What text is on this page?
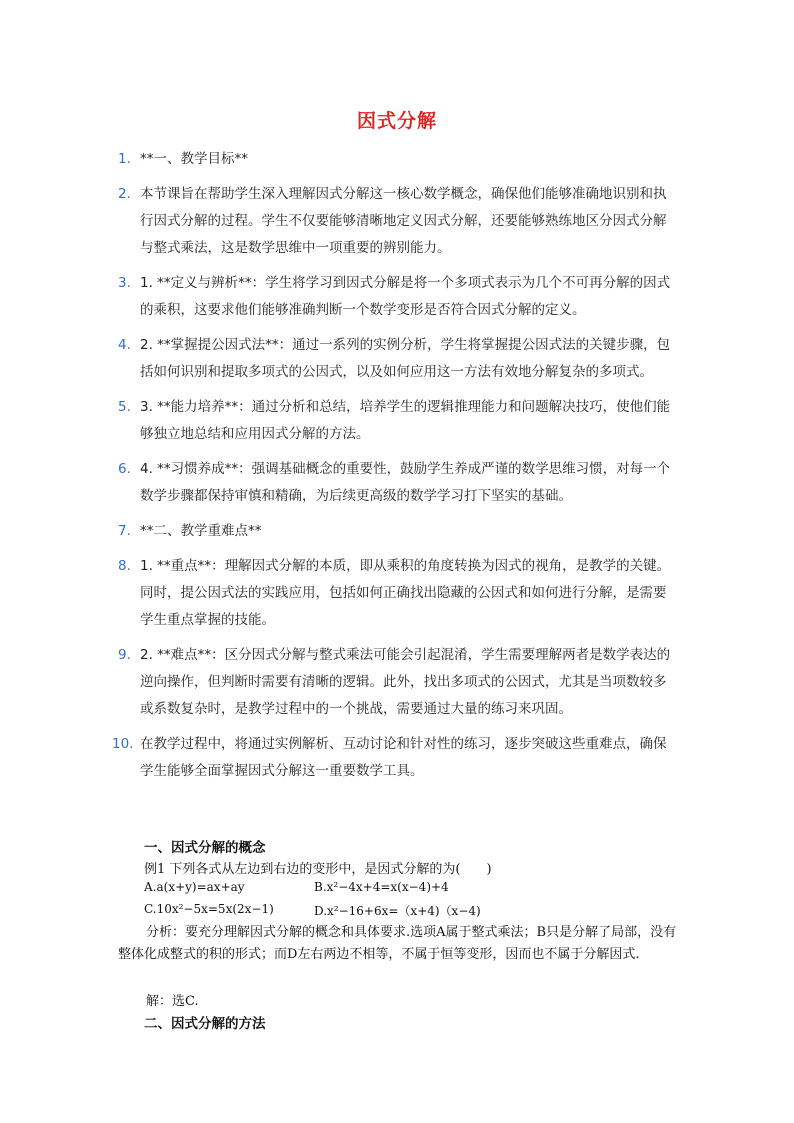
因式分解
1. **一、教学目标**
2. 本节课旨在帮助学生深入理解因式分解这一核心数学概念，确保他们能够准确地识别和执行因式分解的过程。学生不仅要能够清晰地定义因式分解，还要能够熟练地区分因式分解与整式乘法，这是数学思维中一项重要的辨别能力。
3. 1. **定义与辨析**：学生将学习到因式分解是将一个多项式表示为几个不可再分解的因式的乘积，这要求他们能够准确判断一个数学变形是否符合因式分解的定义。
4. 2. **掌握提公因式法**：通过一系列的实例分析，学生将掌握提公因式法的关键步骤，包括如何识别和提取多项式的公因式，以及如何应用这一方法有效地分解复杂的多项式。
5. 3. **能力培养**：通过分析和总结，培养学生的逻辑推理能力和问题解决技巧，使他们能够独立地总结和应用因式分解的方法。
6. 4. **习惯养成**：强调基础概念的重要性，鼓励学生养成严谨的数学思维习惯，对每一个数学步骤都保持审慎和精确，为后续更高级的数学学习打下坚实的基础。
7. **二、教学重难点**
8. 1. **重点**：理解因式分解的本质，即从乘积的角度转换为因式的视角，是教学的关键。同时，提公因式法的实践应用，包括如何正确找出隐藏的公因式和如何进行分解，是需要学生重点掌握的技能。
9. 2. **难点**：区分因式分解与整式乘法可能会引起混淆，学生需要理解两者是数学表达的逆向操作，但判断时需要有清晰的逻辑。此外，找出多项式的公因式，尤其是当项数较多或系数复杂时，是教学过程中的一个挑战，需要通过大量的练习来巩固。
10. 在教学过程中，将通过实例解析、互动讨论和针对性的练习，逐步突破这些重难点，确保学生能够全面掌握因式分解这一重要数学工具。
一、因式分解的概念
例1 下列各式从左边到右边的变形中，是因式分解的为(　　)
A.a(x+y)=ax+ay	B.x²−4x+4=x(x−4)+4
C.10x²−5x=5x(2x−1)	D.x²−16+6x=（x+4)（x−4)
分析：要充分理解因式分解的概念和具体要求.选项A属于整式乘法；B只是分解了局部，没有整体化成整式的积的形式；而D左右两边不相等，不属于恒等变形，因而也不属于分解因式.
解：选C.
二、因式分解的方法
